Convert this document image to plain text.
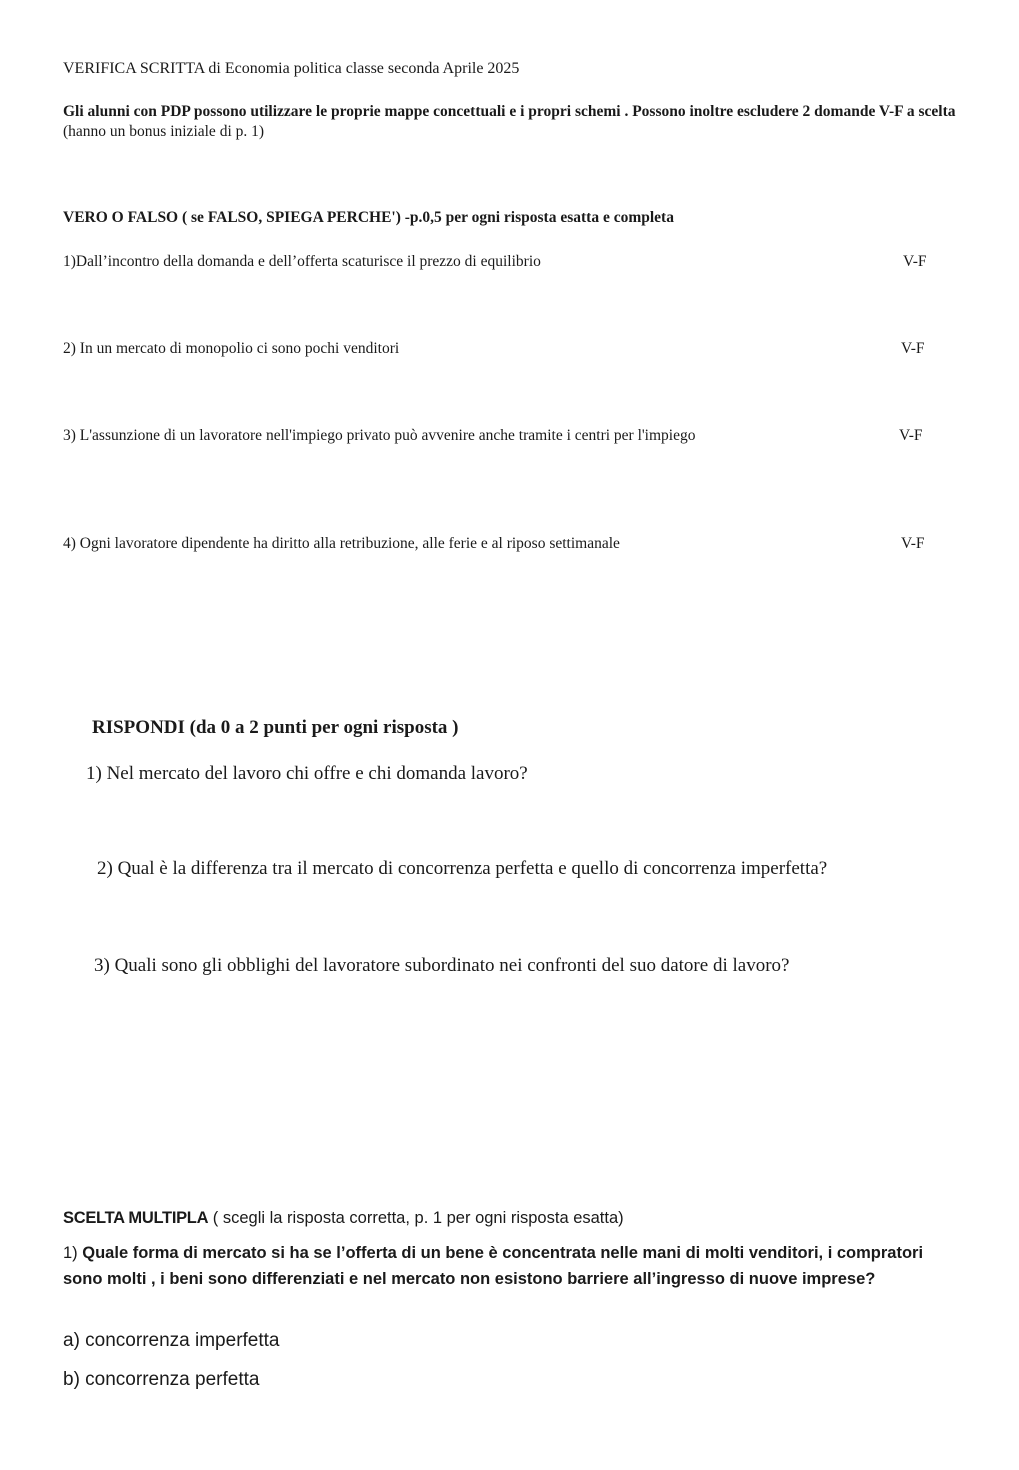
VERIFICA SCRITTA di Economia politica classe seconda Aprile 2025
Gli alunni con PDP possono utilizzare le proprie mappe concettuali e i propri schemi . Possono inoltre escludere 2 domande V-F a scelta (hanno un bonus iniziale di p. 1)
VERO O FALSO ( se FALSO, SPIEGA PERCHE') -p.0,5 per ogni risposta esatta e completa
1)Dall’incontro della domanda e dell’offerta scaturisce il prezzo di equilibrio	V-F
2) In un mercato di monopolio ci sono pochi venditori	V-F
3) L'assunzione di un lavoratore nell'impiego privato può avvenire anche tramite i centri per l'impiego	V-F
4) Ogni lavoratore dipendente ha diritto alla retribuzione, alle ferie e al riposo settimanale	V-F
RISPONDI (da 0 a 2 punti per ogni risposta )
1) Nel mercato del lavoro chi offre e chi domanda lavoro?
2) Qual è la differenza tra il mercato di concorrenza perfetta e quello di concorrenza imperfetta?
3) Quali sono gli obblighi del lavoratore subordinato nei confronti del suo datore di lavoro?
SCELTA MULTIPLA ( scegli la risposta corretta, p. 1 per ogni risposta esatta)
1) Quale forma di mercato si ha se l’offerta di un bene è concentrata nelle mani di molti venditori, i compratori sono molti , i beni sono differenziati e nel mercato non esistono barriere all’ingresso di nuove imprese?
a) concorrenza imperfetta
b) concorrenza perfetta
